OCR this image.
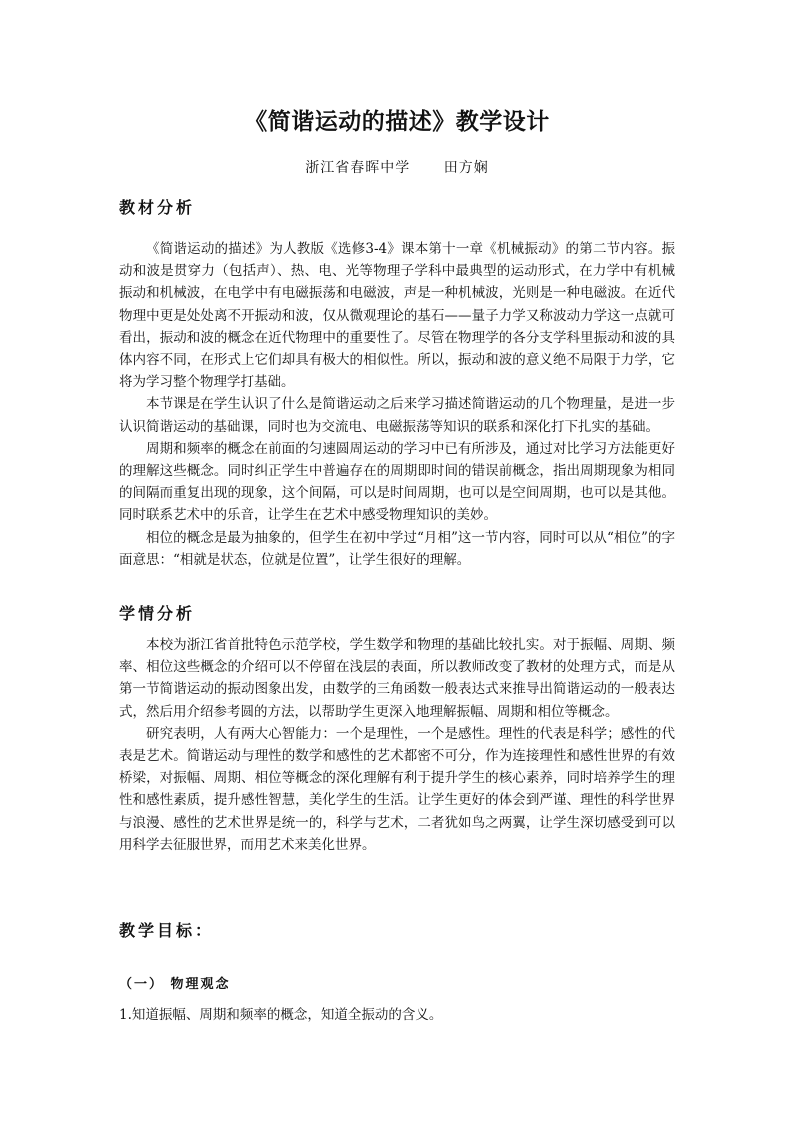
《简谐运动的描述》教学设计
浙江省春晖中学 田方娴
教材分析

《简谐运动的描述》为人教版《选修3-4》课本第十一章《机械振动》的第二节内容。振动和波是贯穿力（包括声）、热、电、光等物理子学科中最典型的运动形式，在力学中有机械振动和机械波，在电学中有电磁振荡和电磁波，声是一种机械波，光则是一种电磁波。在近代物理中更是处处离不开振动和波，仅从微观理论的基石——量子力学又称波动力学这一点就可看出，振动和波的概念在近代物理中的重要性了。尽管在物理学的各分支学科里振动和波的具体内容不同，在形式上它们却具有极大的相似性。所以，振动和波的意义绝不局限于力学，它将为学习整个物理学打基础。

本节课是在学生认识了什么是简谐运动之后来学习描述简谐运动的几个物理量，是进一步认识简谐运动的基础课，同时也为交流电、电磁振荡等知识的联系和深化打下扎实的基础。

周期和频率的概念在前面的匀速圆周运动的学习中已有所涉及，通过对比学习方法能更好的理解这些概念。同时纠正学生中普遍存在的周期即时间的错误前概念，指出周期现象为相同的间隔而重复出现的现象，这个间隔，可以是时间周期，也可以是空间周期，也可以是其他。同时联系艺术中的乐音，让学生在艺术中感受物理知识的美妙。

相位的概念是最为抽象的，但学生在初中学过“月相”这一节内容，同时可以从“相位”的字面意思：“相就是状态，位就是位置”，让学生很好的理解。

学情分析

本校为浙江省首批特色示范学校，学生数学和物理的基础比较扎实。对于振幅、周期、频率、相位这些概念的介绍可以不停留在浅层的表面，所以教师改变了教材的处理方式，而是从第一节简谐运动的振动图象出发，由数学的三角函数一般表达式来推导出简谐运动的一般表达式，然后用介绍参考圆的方法，以帮助学生更深入地理解振幅、周期和相位等概念。

研究表明，人有两大心智能力：一个是理性，一个是感性。理性的代表是科学；感性的代表是艺术。简谐运动与理性的数学和感性的艺术都密不可分，作为连接理性和感性世界的有效桥梁，对振幅、周期、相位等概念的深化理解有利于提升学生的核心素养，同时培养学生的理性和感性素质，提升感性智慧，美化学生的生活。让学生更好的体会到严谨、理性的科学世界与浪漫、感性的艺术世界是统一的，科学与艺术，二者犹如鸟之两翼，让学生深切感受到可以用科学去征服世界，而用艺术来美化世界。

教学目标：
（一） 物理观念
1.知道振幅、周期和频率的概念，知道全振动的含义。
